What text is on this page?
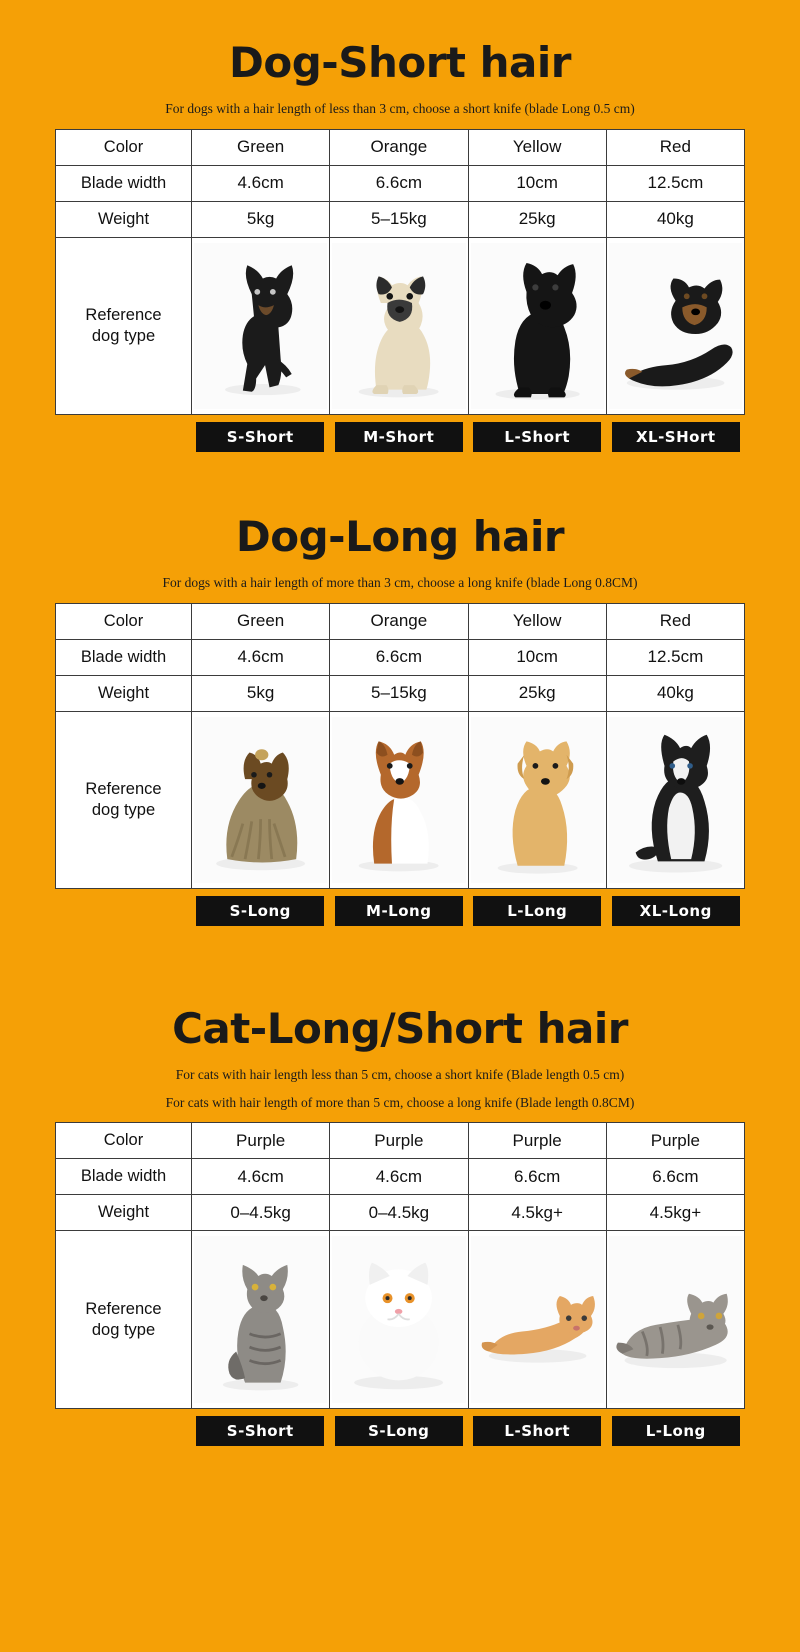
Dog-Short hair
For dogs with a hair length of less than 3 cm, choose a short knife (blade Long 0.5 cm)
Color	Green	Orange	Yellow	Red
Blade width	4.6cm	6.6cm	10cm	12.5cm
Weight	5kg	5–15kg	25kg	40kg

Reference
dog type

S-Short	M-Short	L-Short	XL-SHort
Dog-Long hair
For dogs with a hair length of more than 3 cm, choose a long knife (blade Long 0.8CM)
Color	Green	Orange	Yellow	Red
Blade width	4.6cm	6.6cm	10cm	12.5cm
Weight	5kg	5–15kg	25kg	40kg

Reference
dog type

S-Long	M-Long	L-Long	XL-Long
Cat-Long/Short hair
For cats with hair length less than 5 cm, choose a short knife (Blade length 0.5 cm)
For cats with hair length of more than 5 cm, choose a long knife (Blade length 0.8CM)
Color	Purple	Purple	Purple	Purple
Blade width	4.6cm	4.6cm	6.6cm	6.6cm
Weight	0–4.5kg	0–4.5kg	4.5kg+	4.5kg+

Reference
dog type

S-Short	S-Long	L-Short	L-Long
